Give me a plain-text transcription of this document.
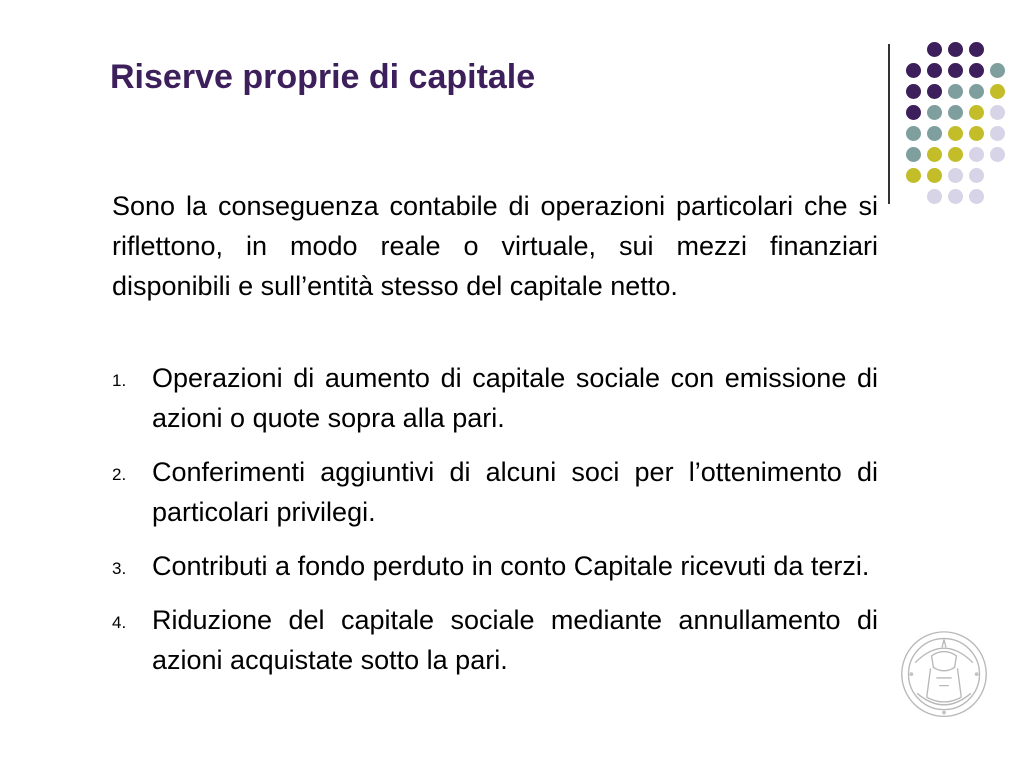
Riserve proprie di capitale
Sono la conseguenza contabile di operazioni particolari che si riflettono, in modo reale o virtuale, sui mezzi finanziari disponibili e sull’entità stesso del capitale netto.
1. Operazioni di aumento di capitale sociale con emissione di azioni o quote sopra alla pari.
2. Conferimenti aggiuntivi di alcuni soci per l’ottenimento di particolari privilegi.
3. Contributi a fondo perduto in conto Capitale ricevuti da terzi.
4. Riduzione del capitale sociale mediante annullamento di azioni acquistate sotto la pari.
